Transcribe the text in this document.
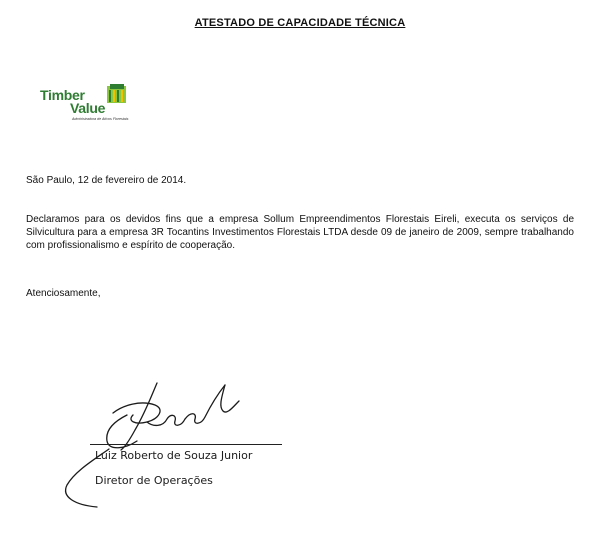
ATESTADO DE CAPACIDADE TÉCNICA
Timber
Value
Administradora de Ativos Florestais
São Paulo, 12 de fevereiro de 2014.
Declaramos para os devidos fins que a empresa Sollum Empreendimentos Florestais Eireli, executa os serviços de Silvicultura para a empresa 3R Tocantins Investimentos Florestais LTDA desde 09 de janeiro de 2009, sempre trabalhando com profissionalismo e espírito de cooperação.
Atenciosamente,
Luiz Roberto de Souza Junior
Diretor de Operações
